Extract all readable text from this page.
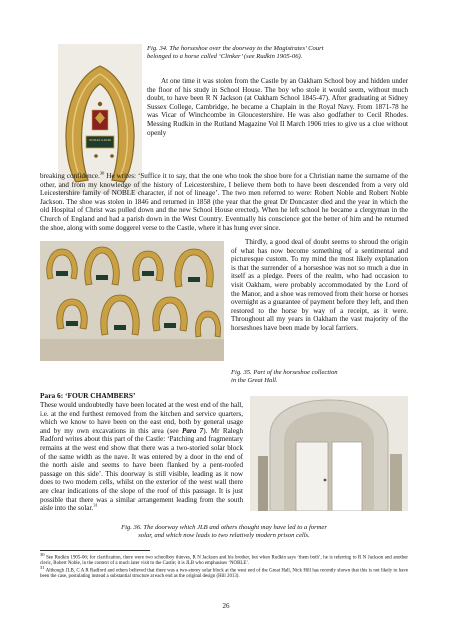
CHARLES CLINKER
Fig. 34. The horseshoe over the doorway to the Magistrates’ Court
belonged to a horse called ‘Clinker’ (see Rudkin 1905-06).
At one time it was stolen from the Castle by an Oakham School boy and hidden under the floor of his study in School House. The boy who stole it would seem, without much doubt, to have been R N Jackson (at Oakham School 1845-47). After graduating at Sidney Sussex College, Cambridge, he became a Chaplain in the Royal Navy. From 1871-78 he was Vicar of Winchcombe in Gloucestershire. He was also godfather to Cecil Rhodes. Messing Rudkin in the Rutland Magazine Vol II March 1906 tries to give us a clue without openly
breaking confidence.$^{30}$ He writes: ‘Suffice it to say, that the one who took the shoe bore for a Christian name the surname of the other, and from my knowledge of the history of Leicestershire, I believe them both to have been descended from a very old Leicestershire family of NOBLE character, if not of lineage’. The two men referred to were: Robert Noble and Robert Noble Jackson. The shoe was stolen in 1846 and returned in 1858 (the year that the great Dr Doncaster died and the year in which the old Hospital of Christ was pulled down and the new School House erected). When he left school he became a clergyman in the Church of England and had a parish down in the West Country. Eventually his conscience got the better of him and he returned the shoe, along with some doggerel verse to the Castle, where it has hung ever since.
Thirdly, a good deal of doubt seems to shroud the origin of what has now become something of a sentimental and picturesque custom. To my mind the most likely explanation is that the surrender of a horseshoe was not so much a due in itself as a pledge. Peers of the realm, who had occasion to visit Oakham, were probably accommodated by the Lord of the Manor, and a shoe was removed from their horse or horses overnight as a guarantee of payment before they left, and then restored to the horse by way of a receipt, as it were. Throughout all my years in Oakham the vast majority of the horseshoes have been made by local farriers.
Fig. 35. Part of the horseshoe collection
in the Great Hall.
Para 6: ‘FOUR CHAMBERS’
These would undoubtedly have been located at the west end of the hall, i.e. at the end furthest removed from the kitchen and service quarters, which we know to have been on the east end, both by general usage and by my own excavations in this area (see Para 7). Mr Ralegh Radford writes about this part of the Castle: ‘Patching and fragmentary remains at the west end show that there was a two-storied solar block of the same width as the nave. It was entered by a door in the end of the north aisle and seems to have been flanked by a pent-roofed passage on this side’. This doorway is still visible, leading as it now does to two modern cells, whilst on the exterior of the west wall there are clear indications of the slope of the roof of this passage. It is just possible that there was a similar arrangement leading from the south aisle into the solar.$^{31}$
Fig. 36. The doorway which JLB and others thought may have led to a former
solar, and which now leads to two relatively modern prison cells.
$^{30}$ See Rudkin 1905-06; for clarification, there were two schoolboy thieves, R N Jackson and his brother, but when Rudkin says ‘them both’, he is referring to R N Jackson and another cleric, Robert Noble, in the context of a much later visit to the Castle; it is JLB who emphasises ‘NOBLE’.
$^{31}$ Although JLB, C A R Radford and others believed that there was a two-storey solar block at the west end of the Great Hall, Nick Hill has recently shown that this is not likely to have been the case, postulating instead a substantial structure at each end as the original design (Hill 2013).
26
